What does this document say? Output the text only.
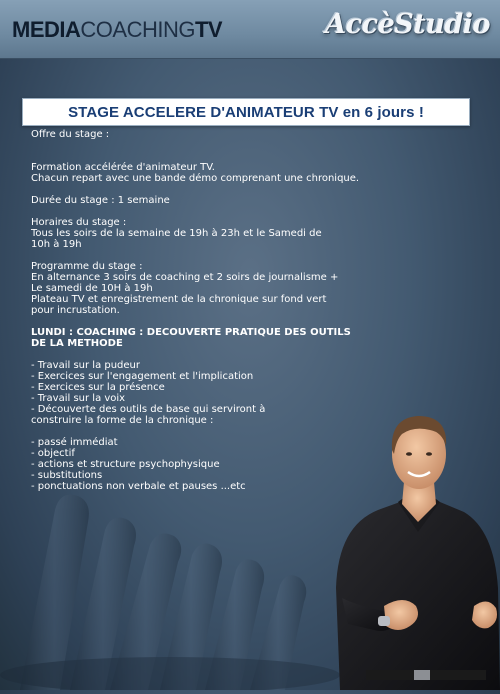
MEDIACOACHINGTV	AccèStudio
STAGE ACCELERE D'ANIMATEUR TV en 6 jours !
Offre du stage :
Formation accélérée d'animateur TV.
Chacun repart avec une bande démo comprenant une chronique.
Durée du stage : 1 semaine
Horaires du stage :
Tous les soirs de la semaine de 19h à 23h et le Samedi de
10h à 19h
Programme du stage :
En alternance 3 soirs de coaching et 2 soirs de journalisme +
Le samedi de 10H à 19h
Plateau TV et enregistrement de la chronique sur fond vert
pour incrustation.
LUNDI : COACHING : DECOUVERTE PRATIQUE DES OUTILS
DE LA METHODE
- Travail sur la pudeur
- Exercices sur l'engagement et l'implication
- Exercices sur la présence
- Travail sur la voix
- Découverte des outils de base qui serviront à
construire la forme de la chronique :
- passé immédiat
- objectif
- actions et structure psychophysique
- substitutions
- ponctuations non verbale et pauses ...etc
